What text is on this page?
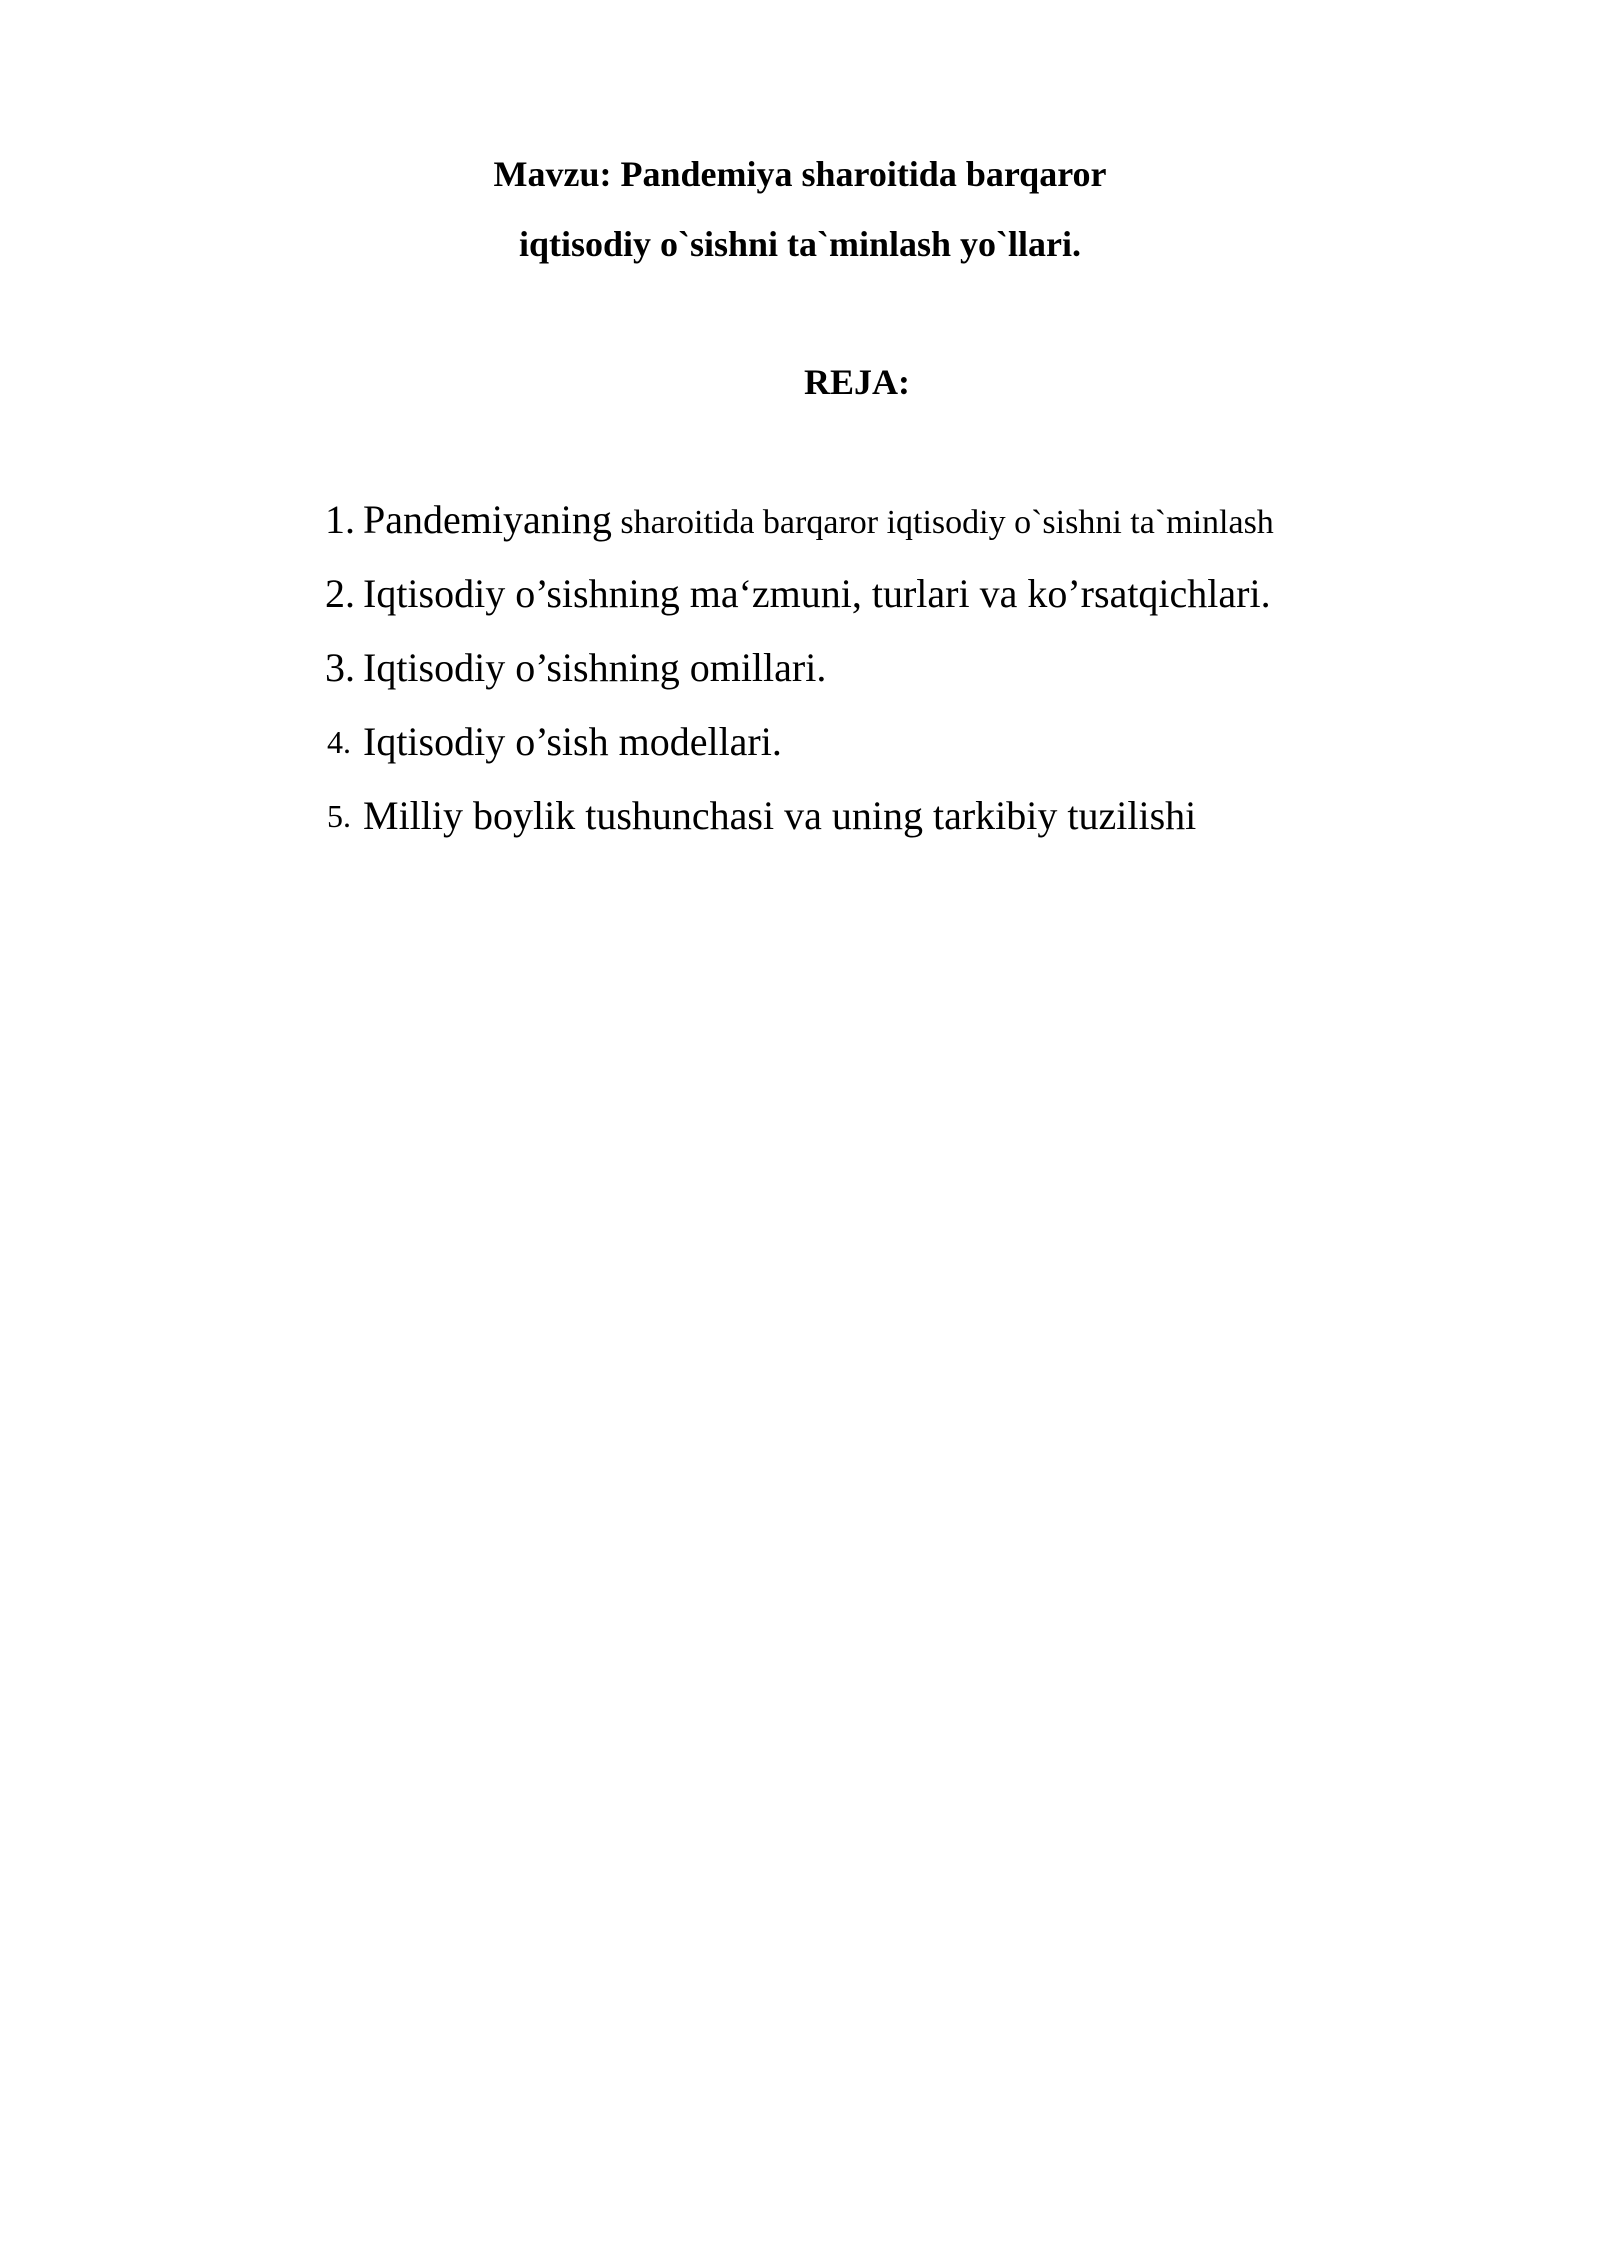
Mavzu: Pandemiya sharoitida barqaror
iqtisodiy o`sishni ta`minlash yo`llari.
REJA:
1. Pandemiyaning sharoitida barqaror iqtisodiy o`sishni ta`minlash
2. Iqtisodiy o’sishning ma‘zmuni, turlari va ko’rsatqichlari.
3. Iqtisodiy o’sishning omillari.
4. Iqtisodiy o’sish modellari.
5. Milliy boylik tushunchasi va uning tarkibiy tuzilishi
